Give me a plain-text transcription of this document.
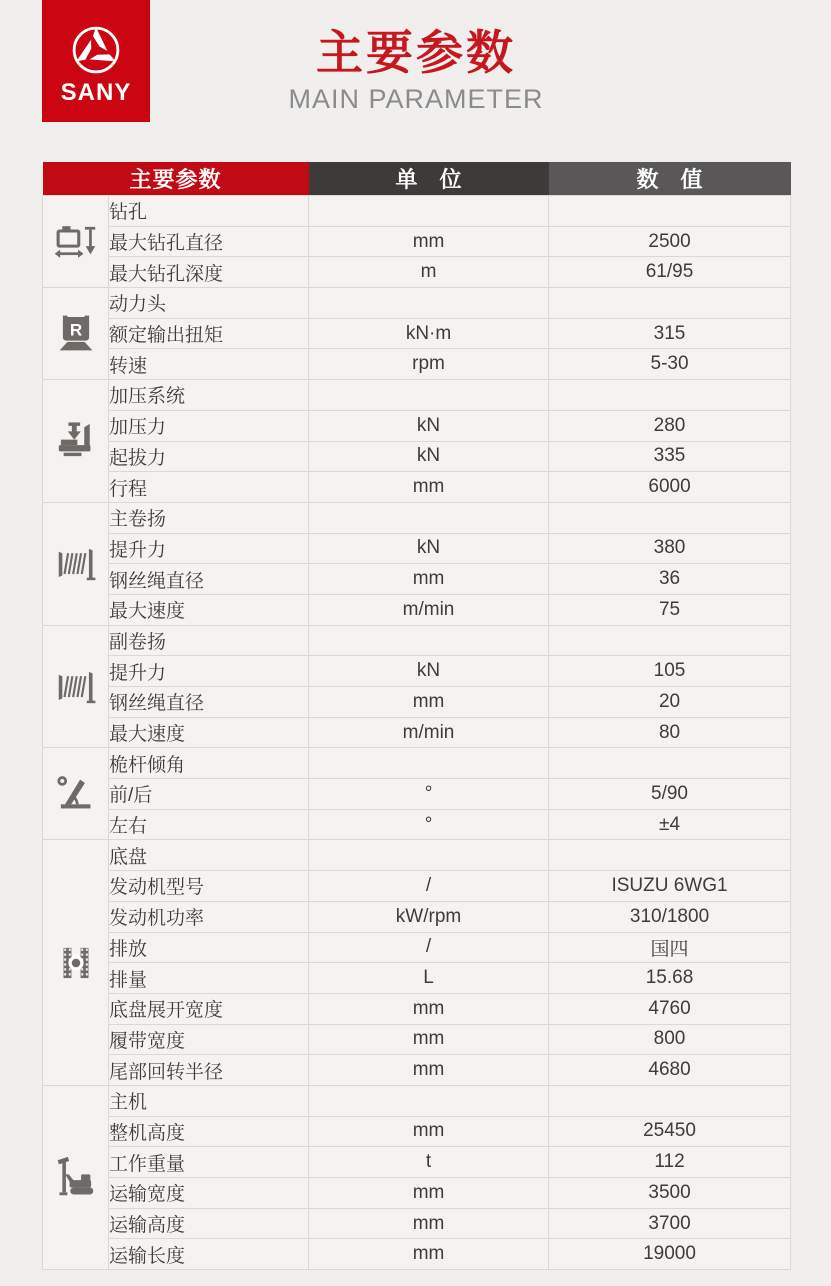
SANY
主要参数
MAIN PARAMETER
主要参数		单　位	数　值
	钻孔		
	最大钻孔直径	mm	2500
	最大钻孔深度	m	61/95

R	动力头		
	额定输出扭矩	kN·m	315
	转速	rpm	5-30
	加压系统		
	加压力	kN	280
	起拔力	kN	335
	行程	mm	6000
	主卷扬		
	提升力	kN	380
	钢丝绳直径	mm	36
	最大速度	m/min	75
	副卷扬		
	提升力	kN	105
	钢丝绳直径	mm	20
	最大速度	m/min	80
	桅杆倾角		
	前/后	°	5/90
	左右	°	±4
	底盘		
	发动机型号	/	ISUZU 6WG1
	发动机功率	kW/rpm	310/1800
	排放	/	国四
	排量	L	15.68
	底盘展开宽度	mm	4760
	履带宽度	mm	800
	尾部回转半径	mm	4680
	主机		
	整机高度	mm	25450
	工作重量	t	112
	运输宽度	mm	3500
	运输高度	mm	3700
	运输长度	mm	19000
